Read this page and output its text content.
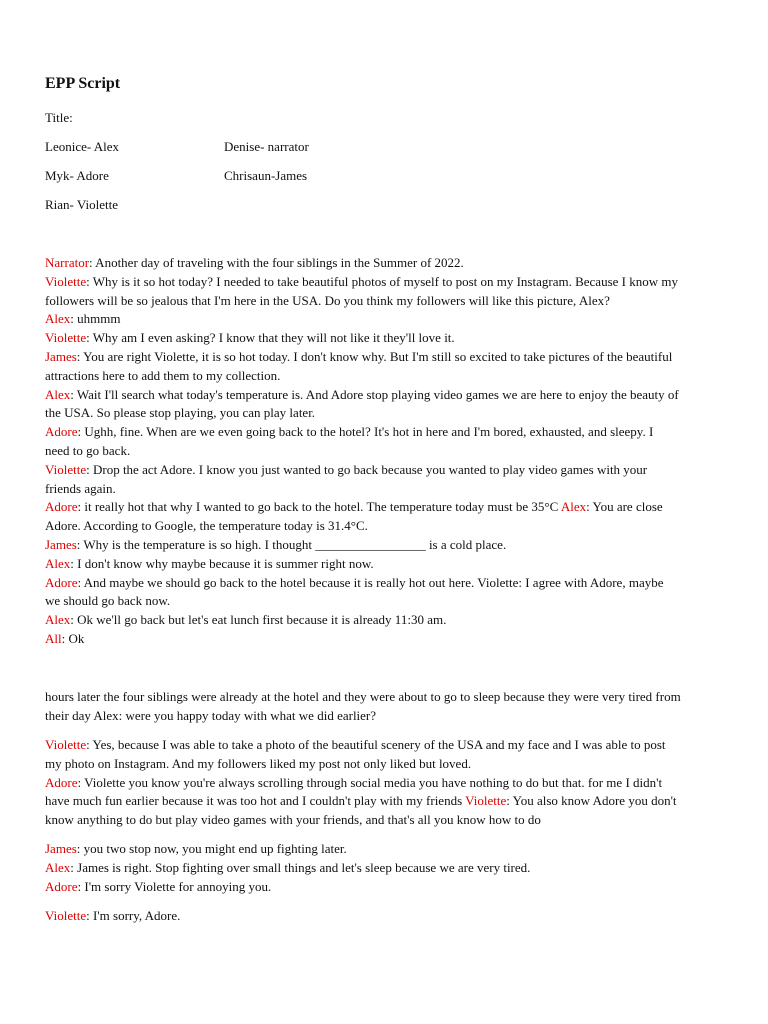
EPP Script
Title:
Leonice- Alex	Denise- narrator
Myk- Adore	Chrisaun-James
Rian- Violette
Narrator: Another day of traveling with the four siblings in the Summer of 2022.
Violette: Why is it so hot today? I needed to take beautiful photos of myself to post on my Instagram. Because I know my
followers will be so jealous that I'm here in the USA. Do you think my followers will like this picture, Alex?
Alex: uhmmm
Violette: Why am I even asking? I know that they will not like it they'll love it.
James: You are right Violette, it is so hot today. I don't know why. But I'm still so excited to take pictures of the beautiful
attractions here to add them to my collection.
Alex: Wait I'll search what today's temperature is. And Adore stop playing video games we are here to enjoy the beauty of
the USA. So please stop playing, you can play later.
Adore: Ughh, fine. When are we even going back to the hotel? It's hot in here and I'm bored, exhausted, and sleepy. I
need to go back.
Violette: Drop the act Adore. I know you just wanted to go back because you wanted to play video games with your
friends again.
Adore: it really hot that why I wanted to go back to the hotel. The temperature today must be 35°C Alex: You are close
Adore. According to Google, the temperature today is 31.4°C.
James: Why is the temperature is so high. I thought _________________ is a cold place.
Alex: I don't know why maybe because it is summer right now.
Adore: And maybe we should go back to the hotel because it is really hot out here. Violette: I agree with Adore, maybe
we should go back now.
Alex: Ok we'll go back but let's eat lunch first because it is already 11:30 am.
All: Ok
hours later the four siblings were already at the hotel and they were about to go to sleep because they were very tired from
their day Alex: were you happy today with what we did earlier?
Violette: Yes, because I was able to take a photo of the beautiful scenery of the USA and my face and I was able to post
my photo on Instagram. And my followers liked my post not only liked but loved.
Adore: Violette you know you're always scrolling through social media you have nothing to do but that. for me I didn't
have much fun earlier because it was too hot and I couldn't play with my friends Violette: You also know Adore you don't
know anything to do but play video games with your friends, and that's all you know how to do
James: you two stop now, you might end up fighting later.
Alex: James is right. Stop fighting over small things and let's sleep because we are very tired.
Adore: I'm sorry Violette for annoying you.
Violette: I'm sorry, Adore.
